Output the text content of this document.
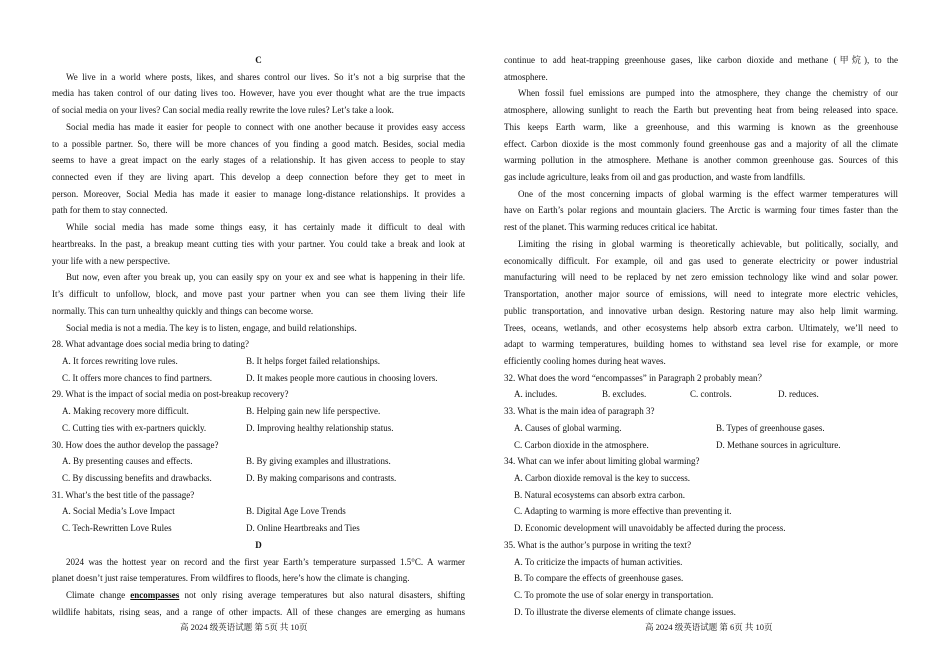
C
We live in a world where posts, likes, and shares control our lives. So it’s not a big surprise that the
media has taken control of our dating lives too. However, have you ever thought what are the true impacts
of social media on your lives? Can social media really rewrite the love rules? Let’s take a look.
Social media has made it easier for people to connect with one another because it provides easy access
to a possible partner. So, there will be more chances of you finding a good match. Besides, social media
seems to have a great impact on the early stages of a relationship. It has given access to people to stay
connected even if they are living apart. This develop a deep connection before they get to meet in
person. Moreover, Social Media has made it easier to manage long-distance relationships. It provides a
path for them to stay connected.
While social media has made some things easy, it has certainly made it difficult to deal with
heartbreaks. In the past, a breakup meant cutting ties with your partner. You could take a break and look at
your life with a new perspective.
But now, even after you break up, you can easily spy on your ex and see what is happening in their life.
It’s difficult to unfollow, block, and move past your partner when you can see them living their life
normally. This can turn unhealthy quickly and things can become worse.
Social media is not a media. The key is to listen, engage, and build relationships.
28. What advantage does social media bring to dating?
A. It forces rewriting love rules.	B. It helps forget failed relationships.
C. It offers more chances to find partners.	D. It makes people more cautious in choosing lovers.
29. What is the impact of social media on post-breakup recovery?
A. Making recovery more difficult.	B. Helping gain new life perspective.
C. Cutting ties with ex-partners quickly.	D. Improving healthy relationship status.
30. How does the author develop the passage?
A. By presenting causes and effects.	B. By giving examples and illustrations.
C. By discussing benefits and drawbacks.	D. By making comparisons and contrasts.
31. What’s the best title of the passage?
A. Social Media’s Love Impact	B. Digital Age Love Trends
C. Tech-Rewritten Love Rules	D. Online Heartbreaks and Ties
D
2024 was the hottest year on record and the first year Earth’s temperature surpassed 1.5°C. A warmer
planet doesn’t just raise temperatures. From wildfires to floods, here’s how the climate is changing.
Climate change encompasses not only rising average temperatures but also natural disasters, shifting
wildlife habitats, rising seas, and a range of other impacts. All of these changes are emerging as humans
高 2024 级英语试题 第 5页 共 10页
continue to add heat-trapping greenhouse gases, like carbon dioxide and methane (甲烷), to the
atmosphere.
When fossil fuel emissions are pumped into the atmosphere, they change the chemistry of our
atmosphere, allowing sunlight to reach the Earth but preventing heat from being released into space.
This keeps Earth warm, like a greenhouse, and this warming is known as the greenhouse
effect. Carbon dioxide is the most commonly found greenhouse gas and a majority of all the climate
warming pollution in the atmosphere. Methane is another common greenhouse gas. Sources of this
gas include agriculture, leaks from oil and gas production, and waste from landfills.
One of the most concerning impacts of global warming is the effect warmer temperatures will
have on Earth’s polar regions and mountain glaciers. The Arctic is warming four times faster than the
rest of the planet. This warming reduces critical ice habitat.
Limiting the rising in global warming is theoretically achievable, but politically, socially, and
economically difficult. For example, oil and gas used to generate electricity or power industrial
manufacturing will need to be replaced by net zero emission technology like wind and solar power.
Transportation, another major source of emissions, will need to integrate more electric vehicles,
public transportation, and innovative urban design. Restoring nature may also help limit warming.
Trees, oceans, wetlands, and other ecosystems help absorb extra carbon. Ultimately, we’ll need to
adapt to warming temperatures, building homes to withstand sea level rise for example, or more
efficiently cooling homes during heat waves.
32. What does the word “encompasses” in Paragraph 2 probably mean？
A. includes.	B. excludes.	C. controls.	D. reduces.
33. What is the main idea of paragraph 3?
A. Causes of global warming.	B. Types of greenhouse gases.
C. Carbon dioxide in the atmosphere.	D. Methane sources in agriculture.
34. What can we infer about limiting global warming?
A. Carbon dioxide removal is the key to success.
B. Natural ecosystems can absorb extra carbon.
C. Adapting to warming is more effective than preventing it.
D. Economic development will unavoidably be affected during the process.
35. What is the author’s purpose in writing the text?
A. To criticize the impacts of human activities.
B. To compare the effects of greenhouse gases.
C. To promote the use of solar energy in transportation.
D. To illustrate the diverse elements of climate change issues.
高 2024 级英语试题 第 6页 共 10页
